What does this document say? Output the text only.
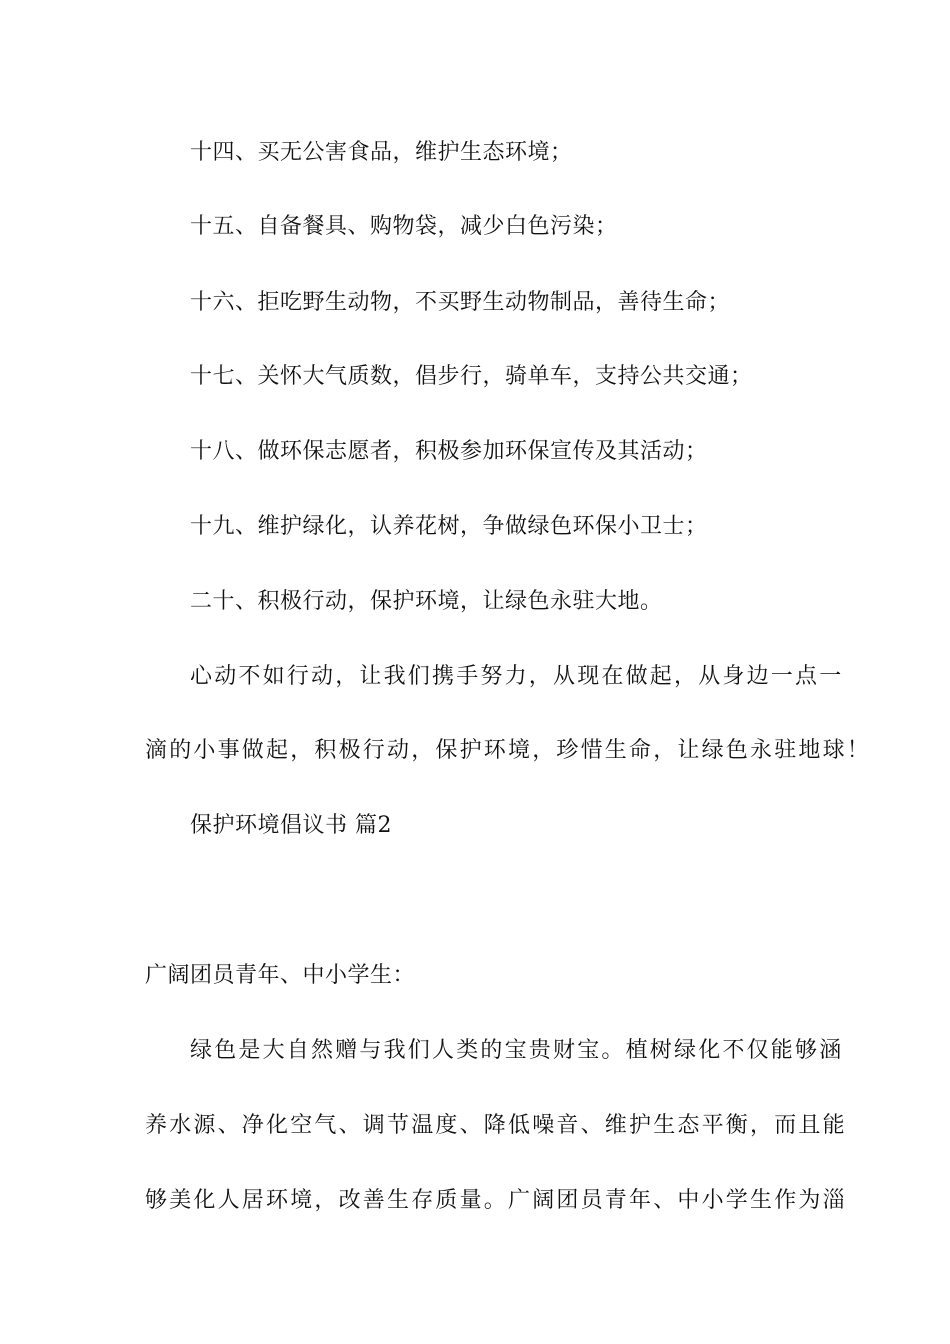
十四、买无公害食品，维护生态环境；
十五、自备餐具、购物袋，减少白色污染；
十六、拒吃野生动物，不买野生动物制品，善待生命；
十七、关怀大气质数，倡步行，骑单车，支持公共交通；
十八、做环保志愿者，积极参加环保宣传及其活动；
十九、维护绿化，认养花树，争做绿色环保小卫士；
二十、积极行动，保护环境，让绿色永驻大地。
心动不如行动，让我们携手努力，从现在做起，从身边一点一
滴的小事做起，积极行动，保护环境，珍惜生命，让绿色永驻地球！
保护环境倡议书 篇2
广阔团员青年、中小学生：
绿色是大自然赠与我们人类的宝贵财宝。植树绿化不仅能够涵
养水源、净化空气、调节温度、降低噪音、维护生态平衡，而且能
够美化人居环境，改善生存质量。广阔团员青年、中小学生作为淄
